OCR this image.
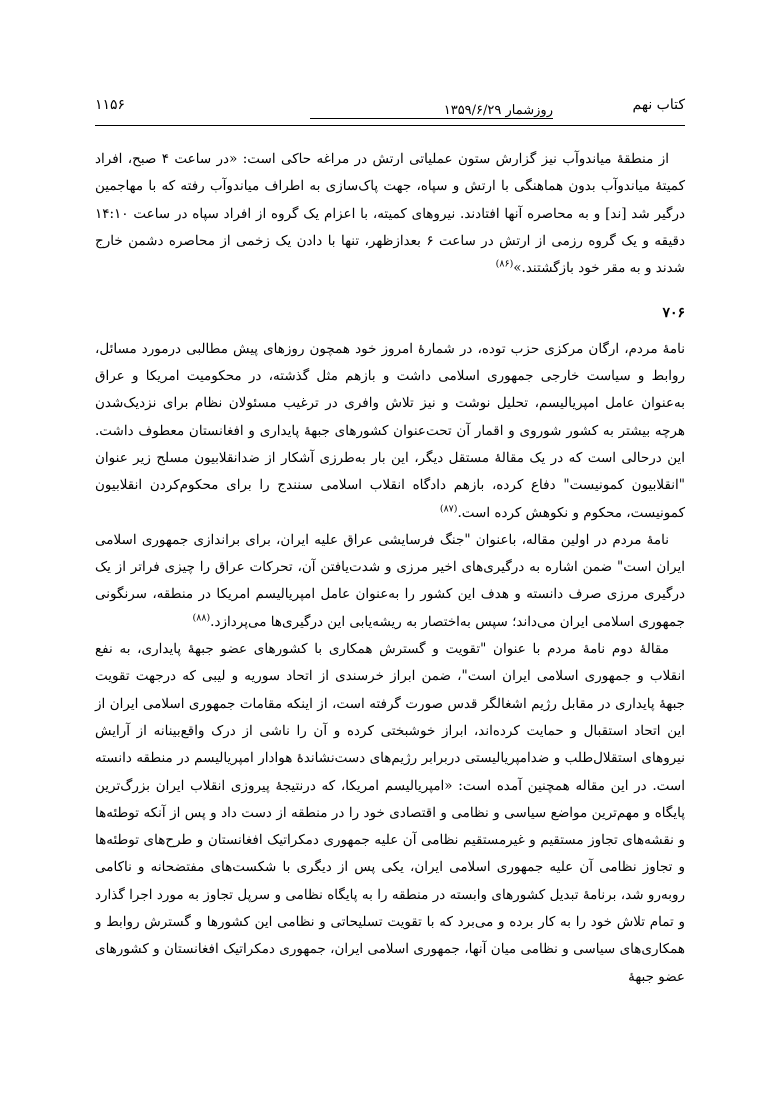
۱۱۵۶	روزشمار ۱۳۵۹/۶/۲۹	کتاب نهم

از منطقهٔ میاندوآب نیز گزارش ستون عملیاتی ارتش در مراغه حاکی است: «در ساعت ۴ صبح، افراد کمیتهٔ میاندوآب بدون هماهنگی با ارتش و سپاه، جهت پاک‌سازی به اطراف میاندوآب رفته که با مهاجمین درگیر شد [ند] و به محاصره آنها افتادند. نیروهای کمیته، با اعزام یک گروه از افراد سپاه در ساعت ۱۴:۱۰ دقیقه و یک گروه رزمی از ارتش در ساعت ۶ بعدازظهر، تنها با دادن یک زخمی از محاصره دشمن خارج شدند و به مقر خود بازگشتند.»$^{(۸۶)}$

۷۰۶

نامهٔ مردم، ارگان مرکزی حزب توده، در شمارهٔ امروز خود همچون روزهای پیش مطالبی درمورد مسائل، روابط و سیاست خارجی جمهوری اسلامی داشت و بازهم مثل گذشته، در محکومیت امریکا و عراق به‌عنوان عامل امپریالیسم، تحلیل نوشت و نیز تلاش وافری در ترغیب مسئولان نظام برای نزدیک‌شدن هرچه بیشتر به کشور شوروی و اقمار آن تحت‌عنوان کشورهای جبههٔ پایداری و افغانستان معطوف داشت. این درحالی است که در یک مقالهٔ مستقل دیگر، این بار به‌طرزی آشکار از ضدانقلابیون مسلح زیر عنوان "انقلابیون کمونیست" دفاع کرده، بازهم دادگاه انقلاب اسلامی سنندج را برای محکوم‌کردن انقلابیون کمونیست، محکوم و نکوهش کرده است.$^{(۸۷)}$

نامهٔ مردم در اولین مقاله، باعنوان "جنگ فرسایشی عراق علیه ایران، برای براندازی جمهوری اسلامی ایران است" ضمن اشاره به درگیری‌های اخیر مرزی و شدت‌یافتن آن، تحرکات عراق را چیزی فراتر از یک درگیری مرزی صرف دانسته و هدف این کشور را به‌عنوان عامل امپریالیسم امریکا در منطقه، سرنگونی جمهوری اسلامی ایران می‌داند؛ سپس به‌اختصار به ریشه‌یابی این درگیری‌ها می‌پردازد.$^{(۸۸)}$

مقالهٔ دوم نامهٔ مردم با عنوان "تقویت و گسترش همکاری با کشورهای عضو جبههٔ پایداری، به نفع انقلاب و جمهوری اسلامی ایران است"، ضمن ابراز خرسندی از اتحاد سوریه و لیبی که درجهت تقویت جبههٔ پایداری در مقابل رژیم اشغالگر قدس صورت گرفته است، از اینکه مقامات جمهوری اسلامی ایران از این اتحاد استقبال و حمایت کرده‌اند، ابراز خوشبختی کرده و آن را ناشی از درک واقع‌بینانه از آرایش نیروهای استقلال‌طلب و ضدامپریالیستی دربرابر رژیم‌های دست‌نشاندهٔ هوادار امپریالیسم در منطقه دانسته است. در این مقاله همچنین آمده است: «امپریالیسم امریکا، که درنتیجهٔ پیروزی انقلاب ایران بزرگ‌ترین پایگاه و مهم‌ترین مواضع سیاسی و نظامی و اقتصادی خود را در منطقه از دست داد و پس از آنکه توطئه‌ها و نقشه‌های تجاوز مستقیم و غیرمستقیم نظامی آن علیه جمهوری دمکراتیک افغانستان و طرح‌های توطئه‌ها و تجاوز نظامی آن علیه جمهوری اسلامی ایران، یکی پس از دیگری با شکست‌های مفتضحانه و ناکامی روبه‌رو شد، برنامهٔ تبدیل کشورهای وابسته در منطقه را به پایگاه نظامی و سرپل تجاوز به مورد اجرا گذارد و تمام تلاش خود را به کار برده و می‌برد که با تقویت تسلیحاتی و نظامی این کشورها و گسترش روابط و همکاری‌های سیاسی و نظامی میان آنها، جمهوری اسلامی ایران، جمهوری دمکراتیک افغانستان و کشورهای عضو جبههٔ
